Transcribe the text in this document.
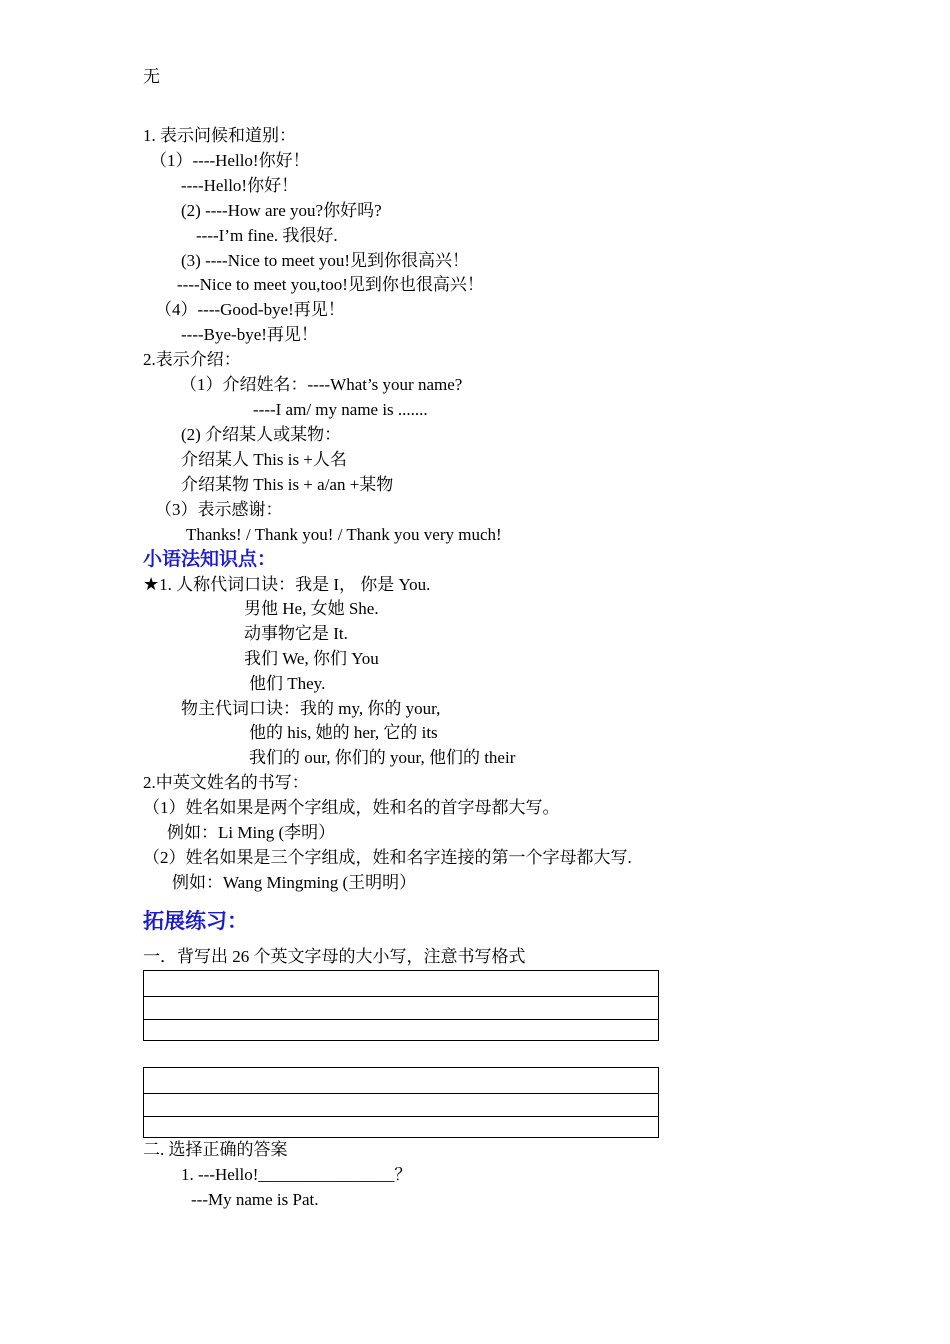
无
1. 表示问候和道别：
（1）----Hello!你好！
----Hello!你好！
(2) ----How are you?你好吗?
----I’m fine. 我很好.
(3) ----Nice to meet you!见到你很高兴！
----Nice to meet you,too!见到你也很高兴！
（4）----Good-bye!再见！
----Bye-bye!再见！
2.表示介绍：
（1）介绍姓名：----What’s your name?
----I am/ my name is .......
(2) 介绍某人或某物：
介绍某人 This is +人名
介绍某物 This is + a/an +某物
（3）表示感谢：
Thanks! / Thank you! / Thank you very much!
小语法知识点：
★1. 人称代词口诀：我是 I， 你是 You.
男他 He, 女她 She.
动事物它是 It.
我们 We, 你们 You
他们 They.
物主代词口诀：我的 my, 你的 your,
他的 his, 她的 her, 它的 its
我们的 our, 你们的 your, 他们的 their
2.中英文姓名的书写：
（1）姓名如果是两个字组成，姓和名的首字母都大写。
例如：Li Ming (李明）
（2）姓名如果是三个字组成，姓和名字连接的第一个字母都大写.
例如：Wang Mingming (王明明）
拓展练习：
一．背写出 26 个英文字母的大小写，注意书写格式
二. 选择正确的答案
1. ---Hello!________________？
---My name is Pat.
